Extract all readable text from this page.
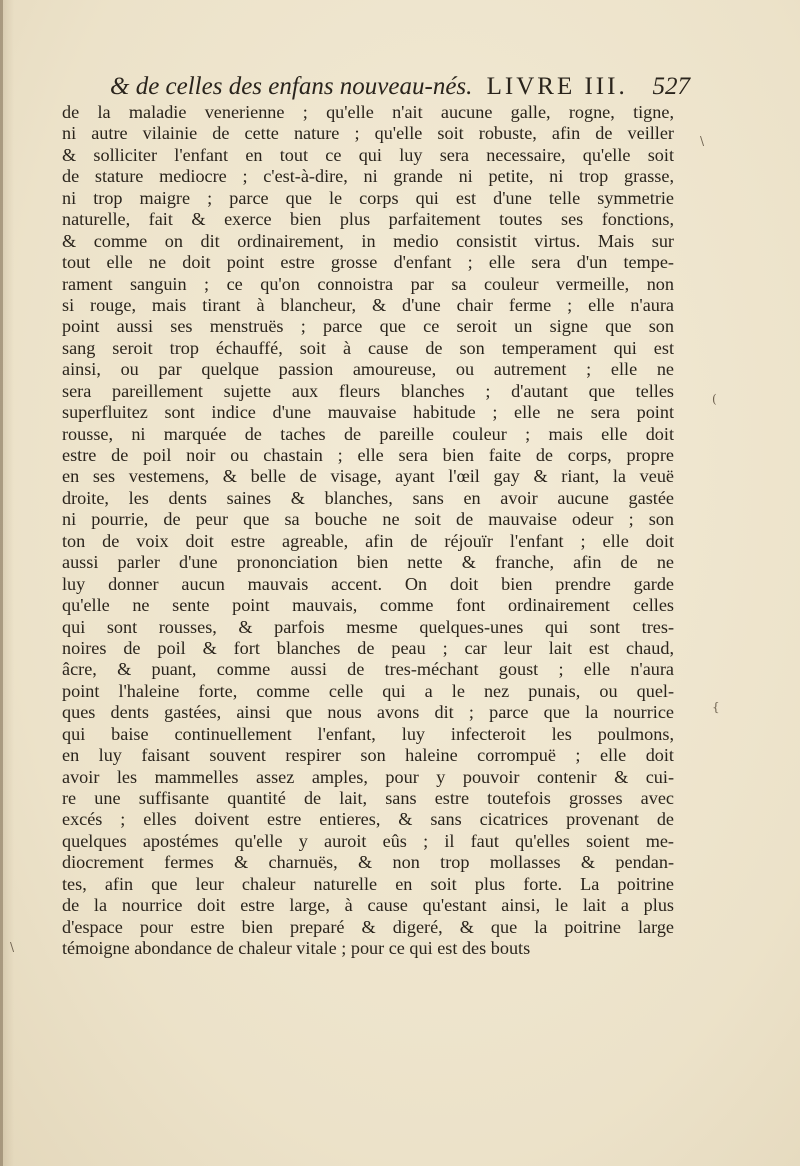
& de celles des enfans nouveau-nés. LIVRE III. 527
de la maladie venerienne ; qu'elle n'ait aucune galle, rogne, tigne,
ni autre vilainie de cette nature ; qu'elle soit robuste, afin de veiller
& solliciter l'enfant en tout ce qui luy sera necessaire, qu'elle soit
de stature mediocre ; c'est-à-dire, ni grande ni petite, ni trop grasse,
ni trop maigre ; parce que le corps qui est d'une telle symmetrie
naturelle, fait & exerce bien plus parfaitement toutes ses fonctions,
& comme on dit ordinairement, in medio consistit virtus. Mais sur
tout elle ne doit point estre grosse d'enfant ; elle sera d'un tempe-
rament sanguin ; ce qu'on connoistra par sa couleur vermeille, non
si rouge, mais tirant à blancheur, & d'une chair ferme ; elle n'aura
point aussi ses menstruës ; parce que ce seroit un signe que son
sang seroit trop échauffé, soit à cause de son temperament qui est
ainsi, ou par quelque passion amoureuse, ou autrement ; elle ne
sera pareillement sujette aux fleurs blanches ; d'autant que telles
superfluitez sont indice d'une mauvaise habitude ; elle ne sera point
rousse, ni marquée de taches de pareille couleur ; mais elle doit
estre de poil noir ou chastain ; elle sera bien faite de corps, propre
en ses vestemens, & belle de visage, ayant l'œil gay & riant, la veuë
droite, les dents saines & blanches, sans en avoir aucune gastée
ni pourrie, de peur que sa bouche ne soit de mauvaise odeur ; son
ton de voix doit estre agreable, afin de réjouïr l'enfant ; elle doit
aussi parler d'une prononciation bien nette & franche, afin de ne
luy donner aucun mauvais accent. On doit bien prendre garde
qu'elle ne sente point mauvais, comme font ordinairement celles
qui sont rousses, & parfois mesme quelques-unes qui sont tres-
noires de poil & fort blanches de peau ; car leur lait est chaud,
âcre, & puant, comme aussi de tres-méchant goust ; elle n'aura
point l'haleine forte, comme celle qui a le nez punais, ou quel-
ques dents gastées, ainsi que nous avons dit ; parce que la nourrice
qui baise continuellement l'enfant, luy infecteroit les poulmons,
en luy faisant souvent respirer son haleine corrompuë ; elle doit
avoir les mammelles assez amples, pour y pouvoir contenir & cui-
re une suffisante quantité de lait, sans estre toutefois grosses avec
excés ; elles doivent estre entieres, & sans cicatrices provenant de
quelques apostémes qu'elle y auroit eûs ; il faut qu'elles soient me-
diocrement fermes & charnuës, & non trop mollasses & pendan-
tes, afin que leur chaleur naturelle en soit plus forte. La poitrine
de la nourrice doit estre large, à cause qu'estant ainsi, le lait a plus
d'espace pour estre bien preparé & digeré, & que la poitrine large
témoigne abondance de chaleur vitale ; pour ce qui est des bouts
\
(
{
\
